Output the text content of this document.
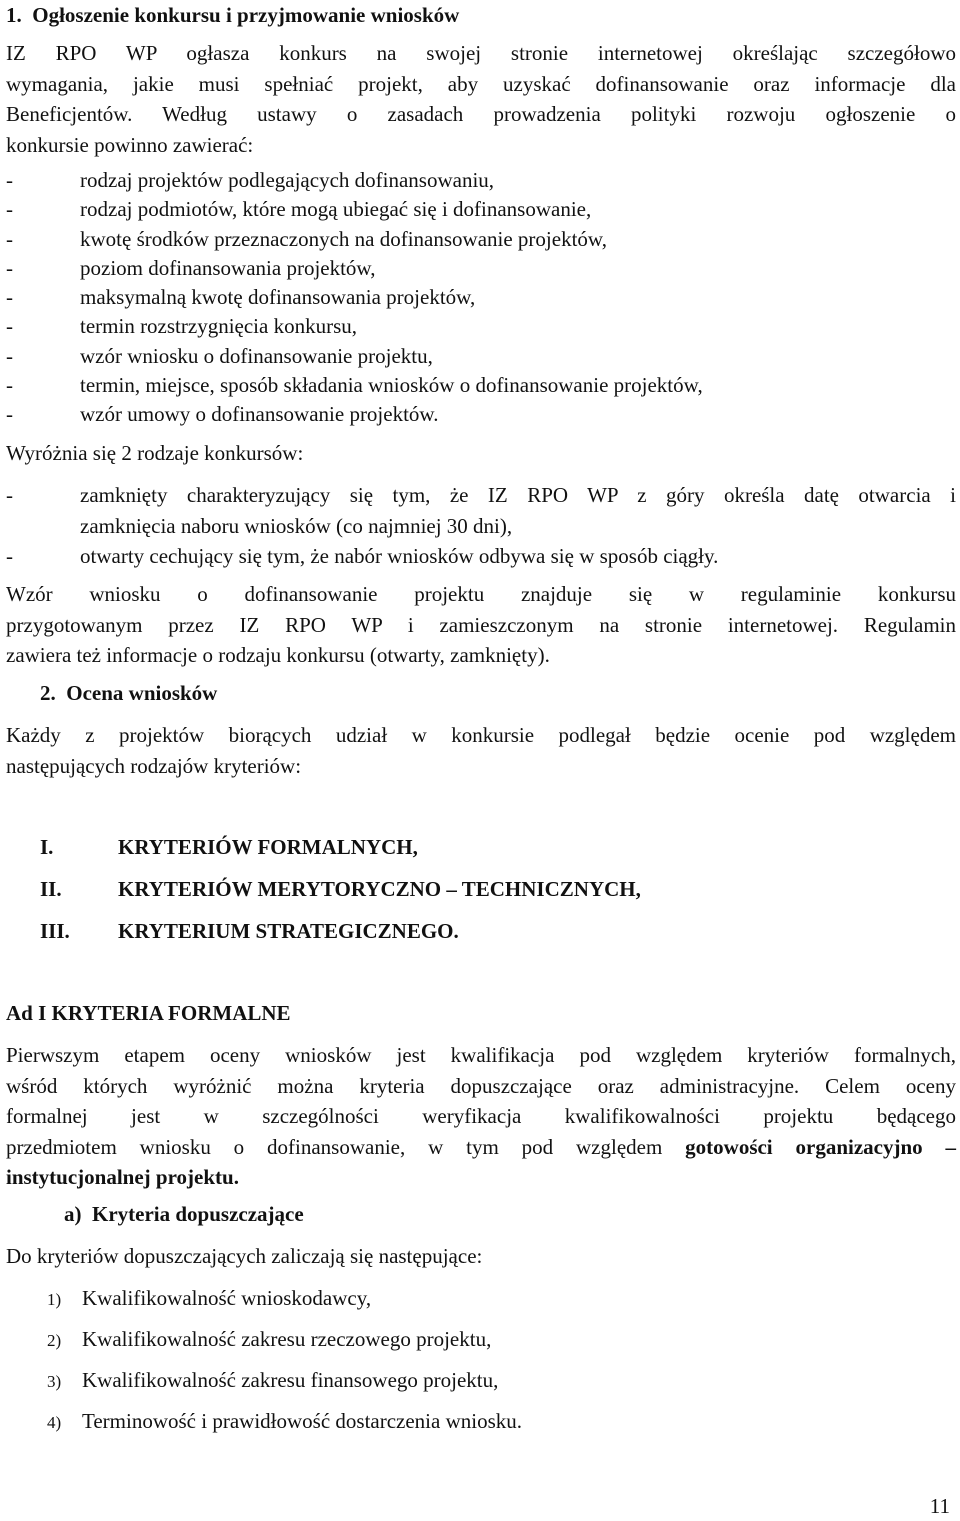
1.  Ogłoszenie konkursu i przyjmowanie wniosków
IZ RPO WP ogłasza konkurs na swojej stronie internetowej określając szczegółowo
wymagania, jakie musi spełniać projekt, aby uzyskać dofinansowanie oraz informacje dla
Beneficjentów. Według ustawy o zasadach prowadzenia polityki rozwoju ogłoszenie o
konkursie powinno zawierać:
-	rodzaj projektów podlegających dofinansowaniu,
-	rodzaj podmiotów, które mogą ubiegać się i dofinansowanie,
-	kwotę środków przeznaczonych na dofinansowanie projektów,
-	poziom dofinansowania projektów,
-	maksymalną kwotę dofinansowania projektów,
-	termin rozstrzygnięcia konkursu,
-	wzór wniosku o dofinansowanie projektu,
-	termin, miejsce, sposób składania wniosków o dofinansowanie projektów,
-	wzór umowy o dofinansowanie projektów.
Wyróżnia się 2 rodzaje konkursów:
-	zamknięty charakteryzujący się tym, że IZ RPO WP z góry określa datę otwarcia i
zamknięcia naboru wniosków (co najmniej 30 dni),
-	otwarty cechujący się tym, że nabór wniosków odbywa się w sposób ciągły.
Wzór wniosku o dofinansowanie projektu znajduje się w regulaminie konkursu
przygotowanym przez IZ RPO WP i zamieszczonym na stronie internetowej. Regulamin
zawiera też informacje o rodzaju konkursu (otwarty, zamknięty).
2.  Ocena wniosków
Każdy z projektów biorących udział w konkursie podlegał będzie ocenie pod względem
następujących rodzajów kryteriów:
I.	KRYTERIÓW FORMALNYCH,
II.	KRYTERIÓW MERYTORYCZNO – TECHNICZNYCH,
III. KRYTERIUM STRATEGICZNEGO.
Ad I KRYTERIA FORMALNE
Pierwszym etapem oceny wniosków jest kwalifikacja pod względem kryteriów formalnych,
wśród których wyróżnić można kryteria dopuszczające oraz administracyjne. Celem oceny
formalnej jest w szczególności weryfikacja kwalifikowalności projektu będącego
przedmiotem wniosku o dofinansowanie, w tym pod względem gotowości organizacyjno –
instytucjonalnej projektu.
a)  Kryteria dopuszczające
Do kryteriów dopuszczających zaliczają się następujące:
1) Kwalifikowalność wnioskodawcy,
2) Kwalifikowalność zakresu rzeczowego projektu,
3) Kwalifikowalność zakresu finansowego projektu,
4) Terminowość i prawidłowość dostarczenia wniosku.
11
